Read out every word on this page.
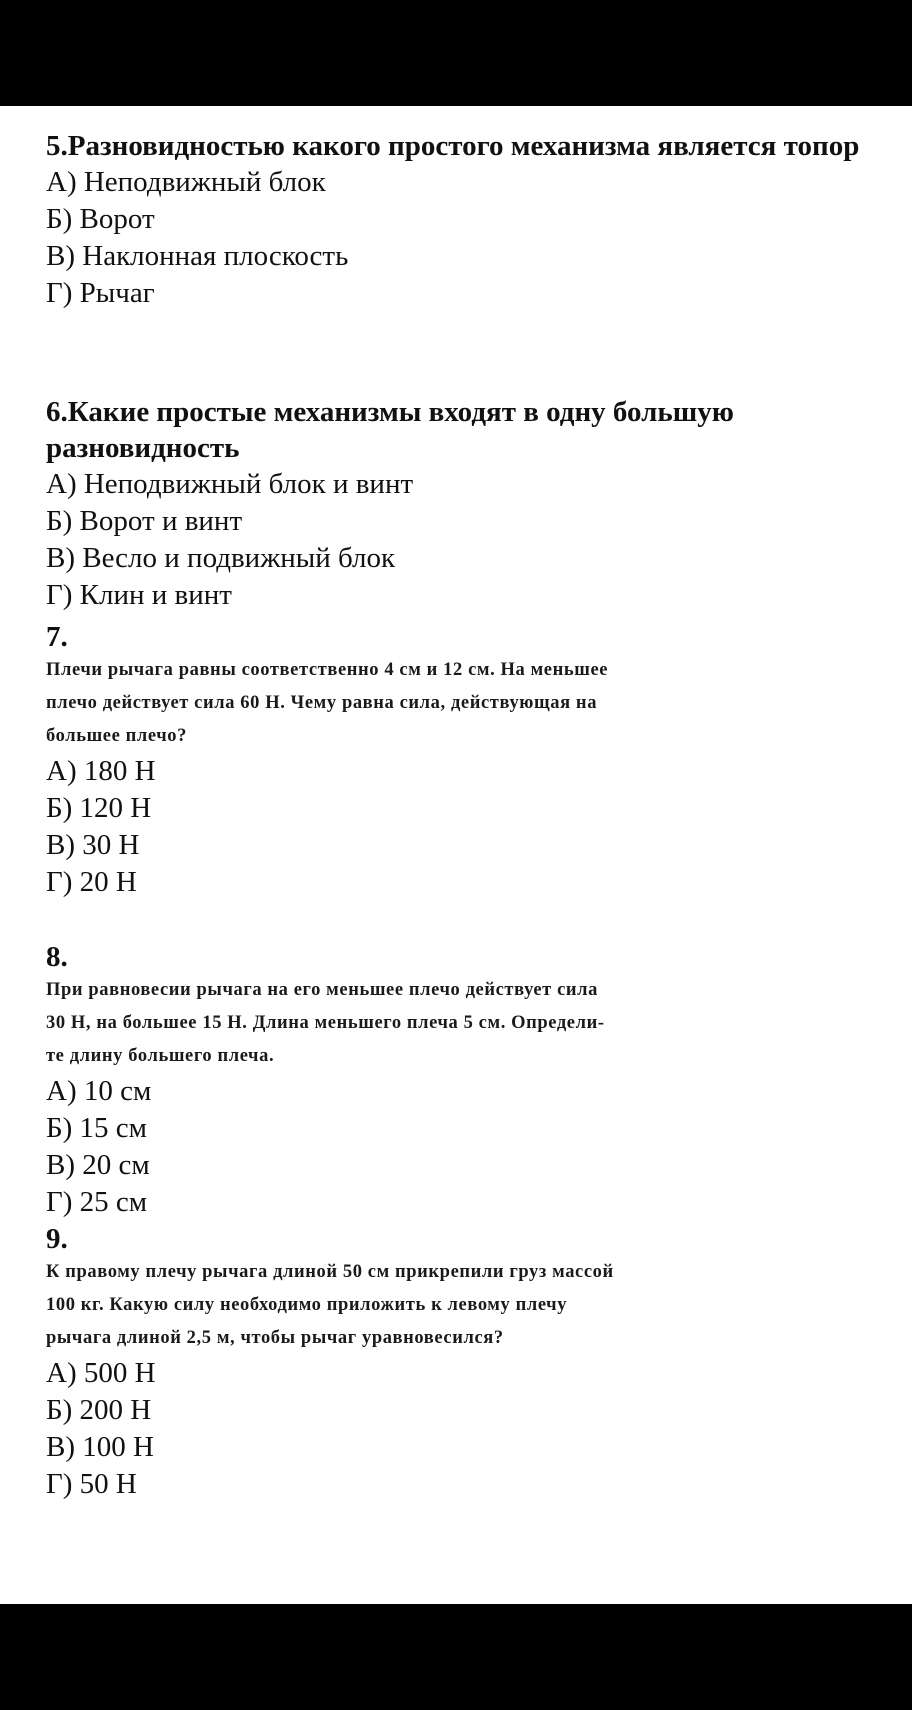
5.Разновидностью какого простого механизма является топор

А) Неподвижный блок

Б) Ворот

В) Наклонная плоскость

Г) Рычаг

6.Какие простые механизмы входят в одну большую разновидность

А) Неподвижный блок и винт

Б) Ворот и винт

В) Весло и подвижный блок

Г) Клин и винт

7.

Плечи рычага равны соответственно 4 см и 12 см. На меньшее

плечо действует сила 60 Н. Чему равна сила, действующая на

большее плечо?

А) 180 Н

Б) 120 Н

В) 30 Н

Г) 20 Н

8.

При равновесии рычага на его меньшее плечо действует сила

30 Н, на большее 15 Н. Длина меньшего плеча 5 см. Определи-

те длину большего плеча.

А) 10 см

Б) 15 см

В) 20 см

Г) 25 см

9.

К правому плечу рычага длиной 50 см прикрепили груз массой

100 кг. Какую силу необходимо приложить к левому плечу

рычага длиной 2,5 м, чтобы рычаг уравновесился?

А) 500 Н

Б) 200 Н

В) 100 Н

Г) 50 Н
